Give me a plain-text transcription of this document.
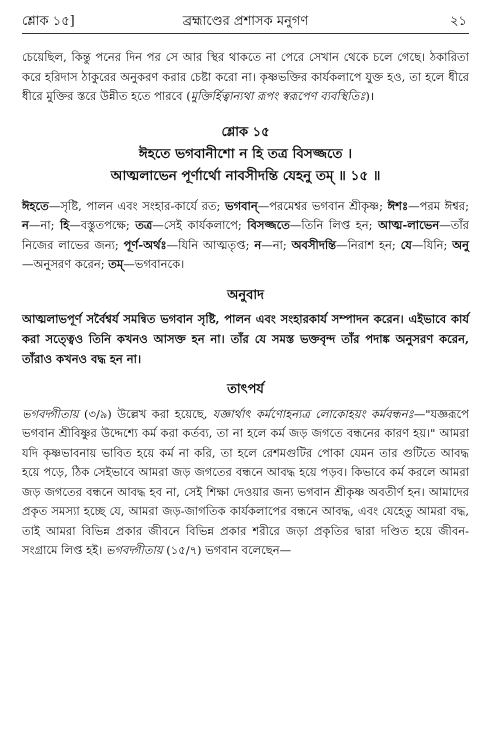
শ্লোক ১৫]	ব্রহ্মাণ্ডের প্রশাসক মনুগণ	২১

চেয়েছিল, কিন্তু পনের দিন পর সে আর স্থির থাকতে না পেরে সেখান থেকে চলে গেছে। ঠকারিতা করে হরিদাস ঠাকুরের অনুকরণ করার চেষ্টা করো না। কৃষ্ণভক্তির কার্যকলাপে যুক্ত হও, তা হলে ধীরে ধীরে মুক্তির স্তরে উন্নীত হতে পারবে (মুক্তির্হিত্বান্যথা রূপং স্বরূপেণ ব্যবস্থিতিঃ)।

শ্লোক ১৫
ঈহতে ভগবানীশো ন হি তত্র বিসজ্জতে ।
আত্মলাভেন পূর্ণার্থো নাবসীদন্তি যেহনু তম্ ॥ ১৫ ॥

ঈহতে—সৃষ্টি, পালন এবং সংহার-কার্যে রত; ভগবান্—পরমেশ্বর ভগবান শ্রীকৃষ্ণ; ঈশঃ—পরম ঈশ্বর; ন—না; হি—বস্তুতপক্ষে; তত্র—সেই কার্যকলাপে; বিসজ্জতে—তিনি লিপ্ত হন; আত্ম-লাভেন—তাঁর নিজের লাভের জন্য; পূর্ণ-অর্থঃ—যিনি আত্মতৃপ্ত; ন—না; অবসীদন্তি—নিরাশ হন; যে—যিনি; অনু—অনুসরণ করেন; তম্—ভগবানকে।

অনুবাদ

আত্মলাভপূর্ণ সর্বৈশ্বর্য সমন্বিত ভগবান সৃষ্টি, পালন এবং সংহারকার্য সম্পাদন করেন। এইভাবে কার্য করা সত্ত্বেও তিনি কখনও আসক্ত হন না। তাঁর যে সমস্ত ভক্তবৃন্দ তাঁর পদাঙ্ক অনুসরণ করেন, তাঁরাও কখনও বদ্ধ হন না।

তাৎপর্য

ভগবদ্গীতায় (৩/৯) উল্লেখ করা হয়েছে, যজ্ঞার্থাৎ কর্মণোহন্যত্র লোকোহয়ং কর্মবন্ধনঃ—"যজ্ঞরূপে ভগবান শ্রীবিষ্ণুর উদ্দেশ্যে কর্ম করা কর্তব্য, তা না হলে কর্ম জড় জগতে বন্ধনের কারণ হয়।" আমরা যদি কৃষ্ণভাবনায় ভাবিত হয়ে কর্ম না করি, তা হলে রেশমগুটির পোকা যেমন তার গুটিতে আবদ্ধ হয়ে পড়ে, ঠিক সেইভাবে আমরা জড় জগতের বন্ধনে আবদ্ধ হয়ে পড়ব। কিভাবে কর্ম করলে আমরা জড় জগতের বন্ধনে আবদ্ধ হব না, সেই শিক্ষা দেওয়ার জন্য ভগবান শ্রীকৃষ্ণ অবতীর্ণ হন। আমাদের প্রকৃত সমস্যা হচ্ছে যে, আমরা জড়-জাগতিক কার্যকলাপের বন্ধনে আবদ্ধ, এবং যেহেতু আমরা বদ্ধ, তাই আমরা বিভিন্ন প্রকার জীবনে বিভিন্ন প্রকার শরীরে জড়া প্রকৃতির দ্বারা দণ্ডিত হয়ে জীবন-সংগ্রামে লিপ্ত হই। ভগবদ্গীতায় (১৫/৭) ভগবান বলেছেন—
